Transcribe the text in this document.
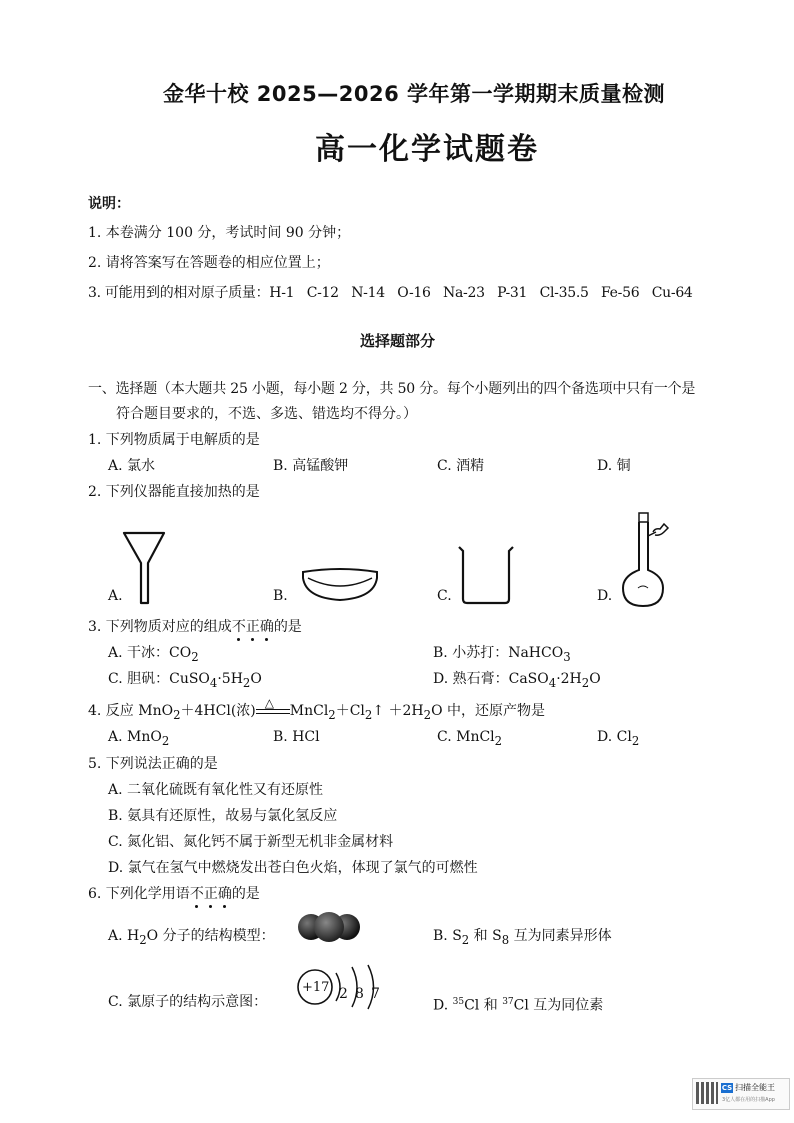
金华十校 2025—2026 学年第一学期期末质量检测
高一化学试题卷
说明：
1. 本卷满分 100 分，考试时间 90 分钟；
2. 请将答案写在答题卷的相应位置上；
3. 可能用到的相对原子质量：H-1   C-12   N-14   O-16   Na-23   P-31   Cl-35.5   Fe-56   Cu-64
选择题部分
一、选择题（本大题共 25 小题，每小题 2 分，共 50 分。每个小题列出的四个备选项中只有一个是
符合题目要求的，不选、多选、错选均不得分。）
1. 下列物质属于电解质的是
A. 氯水	B. 高锰酸钾	C. 酒精	D. 铜
2. 下列仪器能直接加热的是
A.	B.	C.	D.
3. 下列物质对应的组成不正确的是
A. 干冰：$CO_2$	B. 小苏打：NaHCO$_3$
C. 胆矾：$CuSO_4\cdot 5H_2O$	D. 熟石膏：$CaSO_4\cdot 2H_2O$
4. 反应 MnO$_2$＋4HCl(浓) △ $MnCl_2+Cl_2↑ +2H_2O$ 中，还原产物是
A. MnO$_2$	B. HCl	C. MnCl$_2$	D. $Cl_2$
5. 下列说法正确的是
A. 二氧化硫既有氧化性又有还原性
B. 氨具有还原性，故易与氯化氢反应
C. 氮化铝、氮化钙不属于新型无机非金属材料
D. 氯气在氢气中燃烧发出苍白色火焰，体现了氯气的可燃性
6. 下列化学用语不正确的是
A. $H_2O$ 分子的结构模型：	B. $S_2$ 和 $S_8$ 互为同素异形体
C. 氯原子的结构示意图：
+17 2 8 7
D. $^{35}$Cl 和 $^{37}$Cl 互为同位素
CS 扫描全能王
3亿人都在用的扫描App
